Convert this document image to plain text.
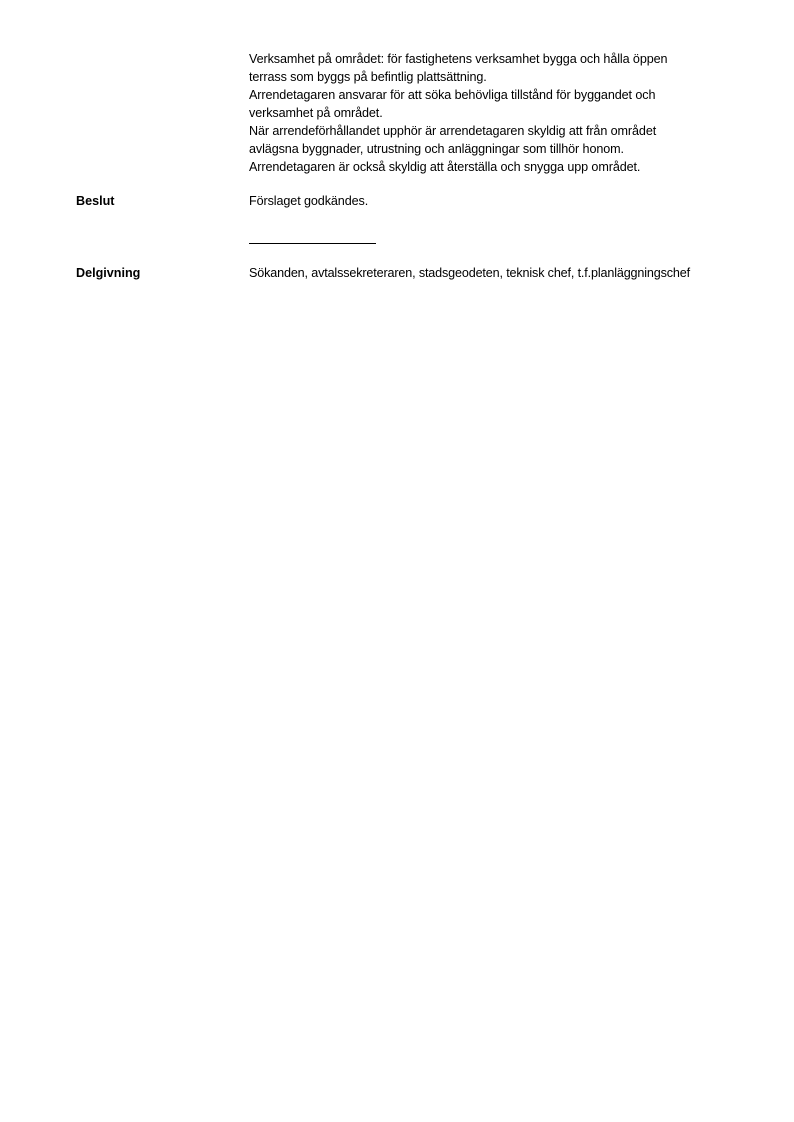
Verksamhet på området: för fastighetens verksamhet bygga och hålla öppen
terrass som byggs på befintlig plattsättning.
Arrendetagaren ansvarar för att söka behövliga tillstånd för byggandet och
verksamhet på området.
När arrendeförhållandet upphör är arrendetagaren skyldig att från området
avlägsna byggnader, utrustning och anläggningar som tillhör honom.
Arrendetagaren är också skyldig att återställa och snygga upp området.
Beslut	Förslaget godkändes.
Delgivning	Sökanden, avtalssekreteraren, stadsgeodeten, teknisk chef, t.f.planläggningschef
